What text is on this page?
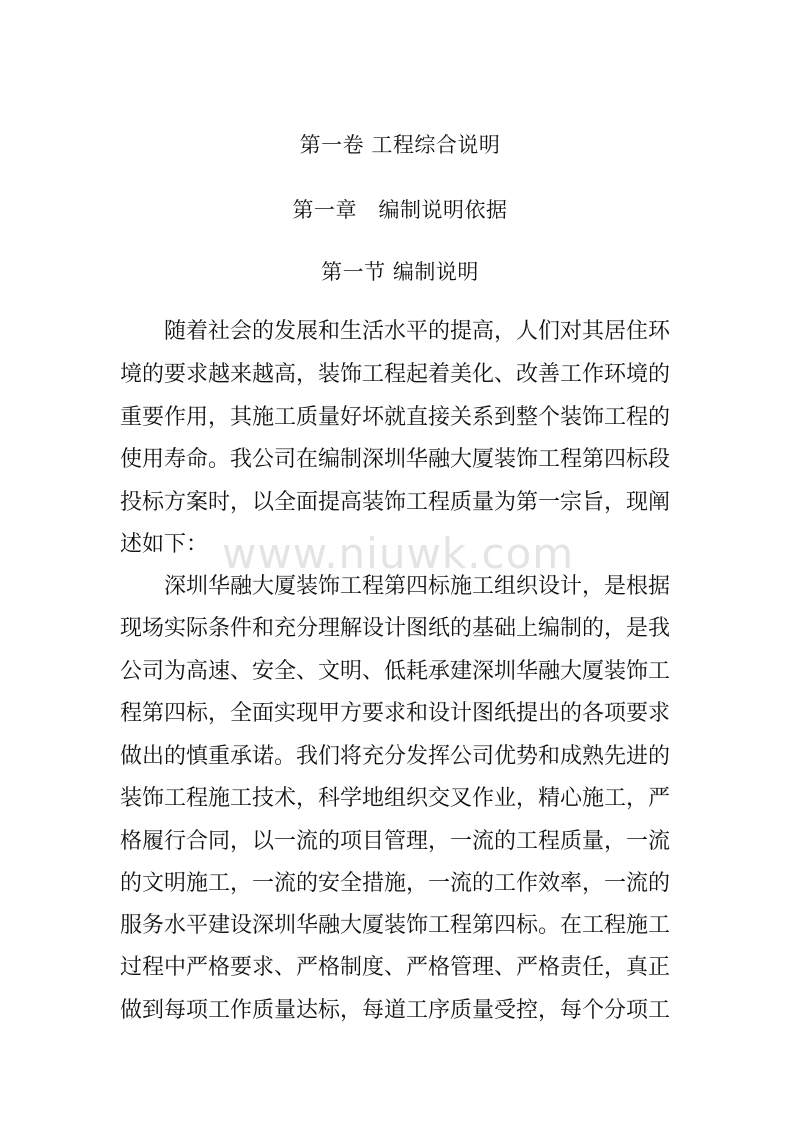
www.niuwk.com
第一卷 工程综合说明
第一章　编制说明依据
第一节 编制说明
随着社会的发展和生活水平的提高，人们对其居住环
境的要求越来越高，装饰工程起着美化、改善工作环境的
重要作用，其施工质量好坏就直接关系到整个装饰工程的
使用寿命。我公司在编制深圳华融大厦装饰工程第四标段
投标方案时，以全面提高装饰工程质量为第一宗旨，现阐
述如下：
深圳华融大厦装饰工程第四标施工组织设计，是根据
现场实际条件和充分理解设计图纸的基础上编制的，是我
公司为高速、安全、文明、低耗承建深圳华融大厦装饰工
程第四标，全面实现甲方要求和设计图纸提出的各项要求
做出的慎重承诺。我们将充分发挥公司优势和成熟先进的
装饰工程施工技术，科学地组织交叉作业，精心施工，严
格履行合同，以一流的项目管理，一流的工程质量，一流
的文明施工，一流的安全措施，一流的工作效率，一流的
服务水平建设深圳华融大厦装饰工程第四标。在工程施工
过程中严格要求、严格制度、严格管理、严格责任，真正
做到每项工作质量达标，每道工序质量受控，每个分项工
